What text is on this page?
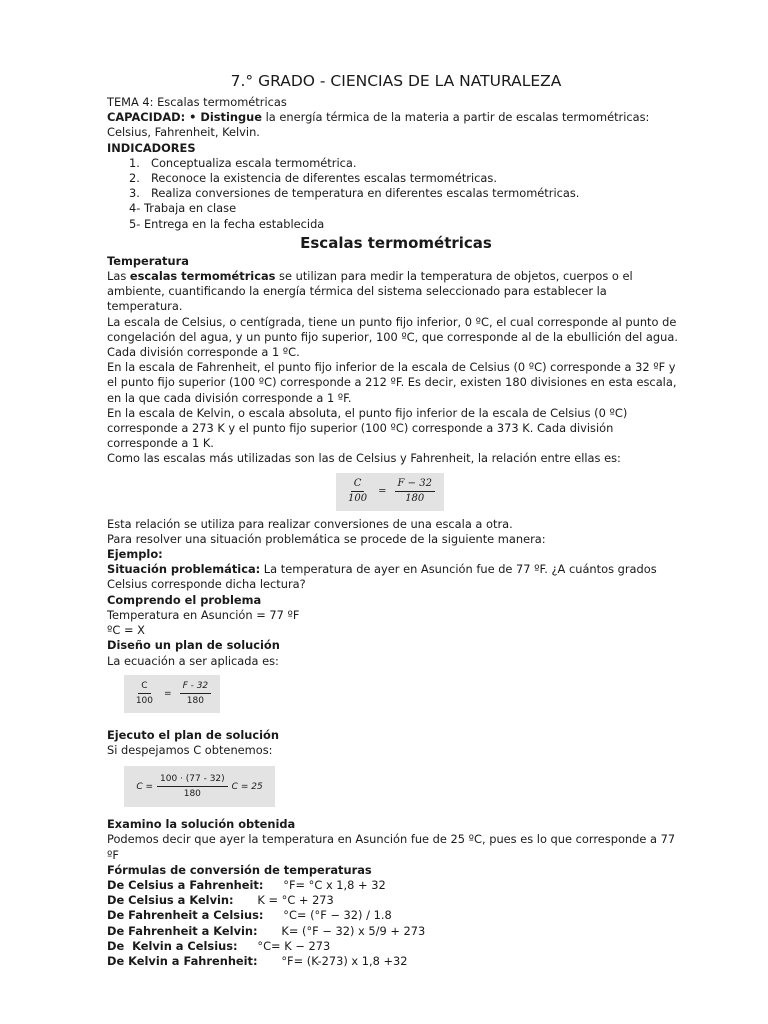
7.° GRADO - CIENCIAS DE LA NATURALEZA

TEMA 4: Escalas termométricas

CAPACIDAD: • Distingue la energía térmica de la materia a partir de escalas termométricas: Celsius, Fahrenheit, Kelvin.

INDICADORES

1. Conceptualiza escala termométrica.
2. Reconoce la existencia de diferentes escalas termométricas.
3. Realiza conversiones de temperatura en diferentes escalas termométricas.
4- Trabaja en clase
5- Entrega en la fecha establecida
Escalas termométricas

Temperatura

Las escalas termométricas se utilizan para medir la temperatura de objetos, cuerpos o el ambiente, cuantificando la energía térmica del sistema seleccionado para establecer la temperatura.

La escala de Celsius, o centígrada, tiene un punto fijo inferior, 0 ºC, el cual corresponde al punto de congelación del agua, y un punto fijo superior, 100 ºC, que corresponde al de la ebullición del agua. Cada división corresponde a 1 ºC.

En la escala de Fahrenheit, el punto fijo inferior de la escala de Celsius (0 ºC) corresponde a 32 ºF y el punto fijo superior (100 ºC) corresponde a 212 ºF. Es decir, existen 180 divisiones en esta escala, en la que cada división corresponde a 1 ºF.

En la escala de Kelvin, o escala absoluta, el punto fijo inferior de la escala de Celsius (0 ºC) corresponde a 273 K y el punto fijo superior (100 ºC) corresponde a 373 K. Cada división corresponde a 1 K.

Como las escalas más utilizadas son las de Celsius y Fahrenheit, la relación entre ellas es:

$\frac{C}{100} = \frac{F - 32}{180}$

Esta relación se utiliza para realizar conversiones de una escala a otra.

Para resolver una situación problemática se procede de la siguiente manera:

Ejemplo:

Situación problemática: La temperatura de ayer en Asunción fue de 77 ºF. ¿A cuántos grados Celsius corresponde dicha lectura?

Comprendo el problema

Temperatura en Asunción = 77 ºF

ºC = X

Diseño un plan de solución

La ecuación a ser aplicada es:

$\frac{C}{100} = \frac{F - 32}{180}$

Ejecuto el plan de solución

Si despejamos C obtenemos:

$C = \frac{100 \cdot (77 - 32)}{180}$ C = 25

Examino la solución obtenida

Podemos decir que ayer la temperatura en Asunción fue de 25 ºC, pues es lo que corresponde a 77 ºF

Fórmulas de conversión de temperaturas

De Celsius a Fahrenheit: °F= °C x 1,8 + 32
De Celsius a Kelvin: K = °C + 273
De Fahrenheit a Celsius: °C= (°F − 32) / 1.8
De Fahrenheit a Kelvin: K= (°F − 32) x 5/9 + 273
De  Kelvin a Celsius: °C= K − 273
De Kelvin a Fahrenheit: °F= (K-273) x 1,8 +32
